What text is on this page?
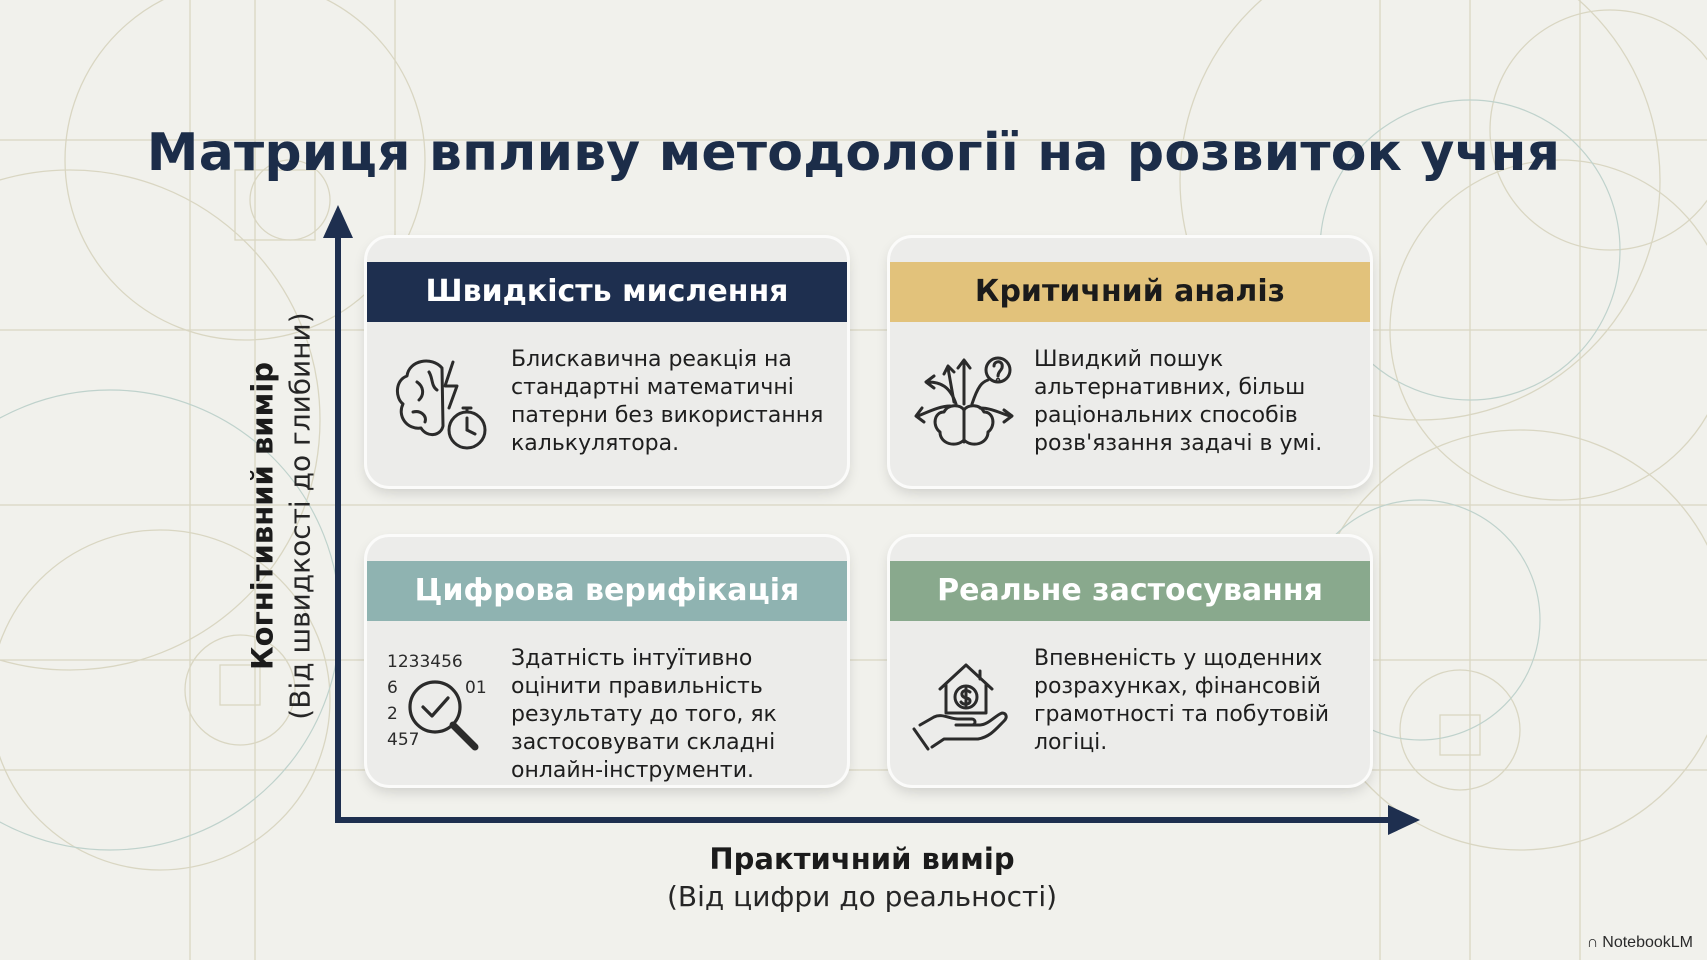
Матриця впливу методології на розвиток учня
Когнітивний вимір (Від швидкості до глибини)
Практичний вимір
(Від цифри до реальності)
Швидкість мислення
Блискавична реакція на стандартні математичні патерни без використання калькулятора.
Критичний аналіз
Швидкий пошук альтернативних, більш раціональних способів розв'язання задачі в умі.
Цифрова верифікація
1233456
6	01
2
457
Здатність інтуїтивно оцінити правильність результату до того, як застосовувати складні онлайн-інструменти.
Реальне застосування
Впевненість у щоденних розрахунках, фінансовій грамотності та побутовій логіці.
∩ NotebookLM
